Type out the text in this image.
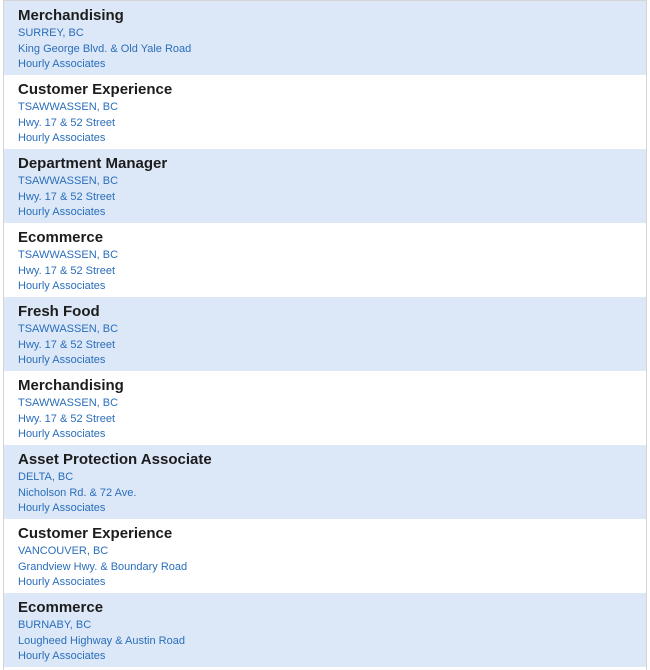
Merchandising
SURREY, BC
King George Blvd. & Old Yale Road
Hourly Associates
Customer Experience
TSAWWASSEN, BC
Hwy. 17 & 52 Street
Hourly Associates
Department Manager
TSAWWASSEN, BC
Hwy. 17 & 52 Street
Hourly Associates
Ecommerce
TSAWWASSEN, BC
Hwy. 17 & 52 Street
Hourly Associates
Fresh Food
TSAWWASSEN, BC
Hwy. 17 & 52 Street
Hourly Associates
Merchandising
TSAWWASSEN, BC
Hwy. 17 & 52 Street
Hourly Associates
Asset Protection Associate
DELTA, BC
Nicholson Rd. & 72 Ave.
Hourly Associates
Customer Experience
VANCOUVER, BC
Grandview Hwy. & Boundary Road
Hourly Associates
Ecommerce
BURNABY, BC
Lougheed Highway & Austin Road
Hourly Associates
